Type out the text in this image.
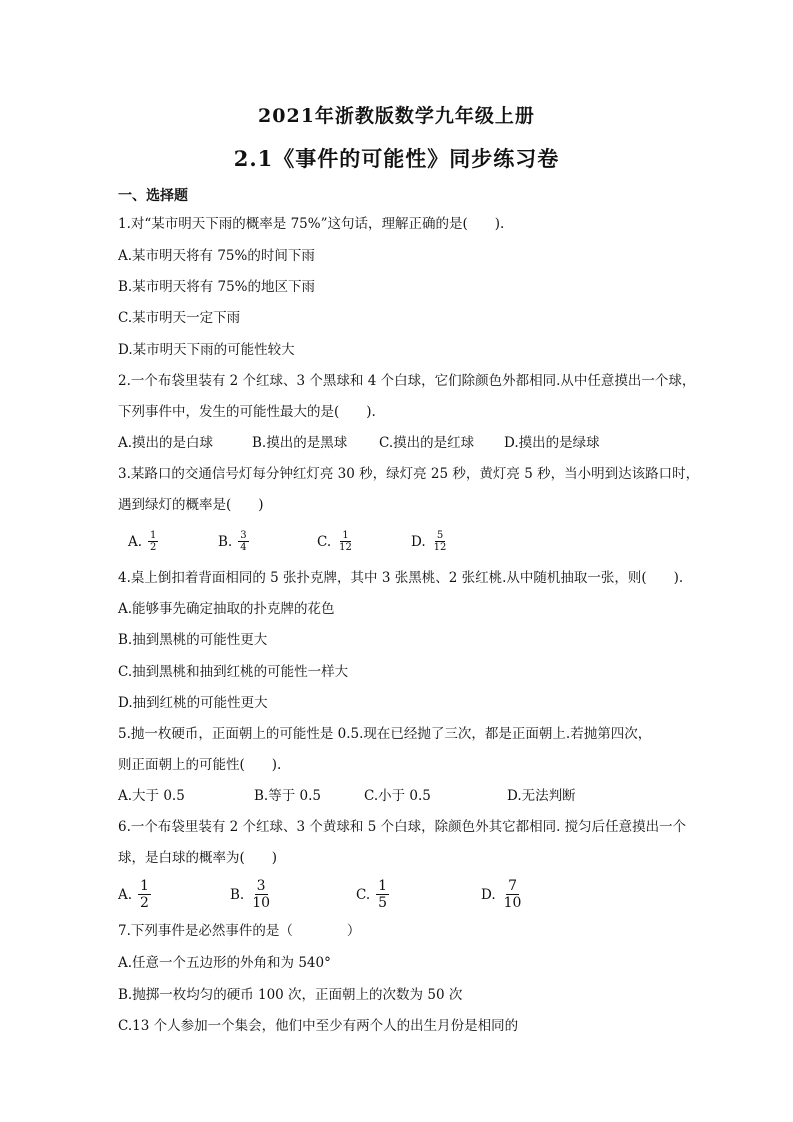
2021年浙教版数学九年级上册
2.1《事件的可能性》同步练习卷
一、选择题
1.对“某市明天下雨的概率是 75%”这句话，理解正确的是(　　).
A.某市明天将有 75%的时间下雨
B.某市明天将有 75%的地区下雨
C.某市明天一定下雨
D.某市明天下雨的可能性较大
2.一个布袋里装有 2 个红球、3 个黑球和 4 个白球，它们除颜色外都相同.从中任意摸出一个球，
下列事件中，发生的可能性最大的是(　　).
A.摸出的是白球	B.摸出的是黑球 C.摸出的是红球 D.摸出的是绿球
3.某路口的交通信号灯每分钟红灯亮 30 秒，绿灯亮 25 秒，黄灯亮 5 秒，当小明到达该路口时，
遇到绿灯的概率是(　　)
A. $\frac{1}{2}$	B. $\frac{3}{4}$	C. $\frac{1}{12}$	D. $\frac{5}{12}$
4.桌上倒扣着背面相同的 5 张扑克牌，其中 3 张黑桃、2 张红桃.从中随机抽取一张，则(　　).
A.能够事先确定抽取的扑克牌的花色
B.抽到黑桃的可能性更大
C.抽到黑桃和抽到红桃的可能性一样大
D.抽到红桃的可能性更大
5.抛一枚硬币，正面朝上的可能性是 0.5.现在已经抛了三次，都是正面朝上.若抛第四次，
则正面朝上的可能性(　　).
A.大于 0.5	B.等于 0.5	C.小于 0.5	D.无法判断
6.一个布袋里装有 2 个红球、3 个黄球和 5 个白球，除颜色外其它都相同. 搅匀后任意摸出一个
球，是白球的概率为(　　)
A. $\frac{1}{2}$	B. $\frac{3}{10}$	C. $\frac{1}{5}$	D. $\frac{7}{10}$
7.下列事件是必然事件的是（　　　　）
A.任意一个五边形的外角和为 540°
B.抛掷一枚均匀的硬币 100 次，正面朝上的次数为 50 次
C.13 个人参加一个集会，他们中至少有两个人的出生月份是相同的
